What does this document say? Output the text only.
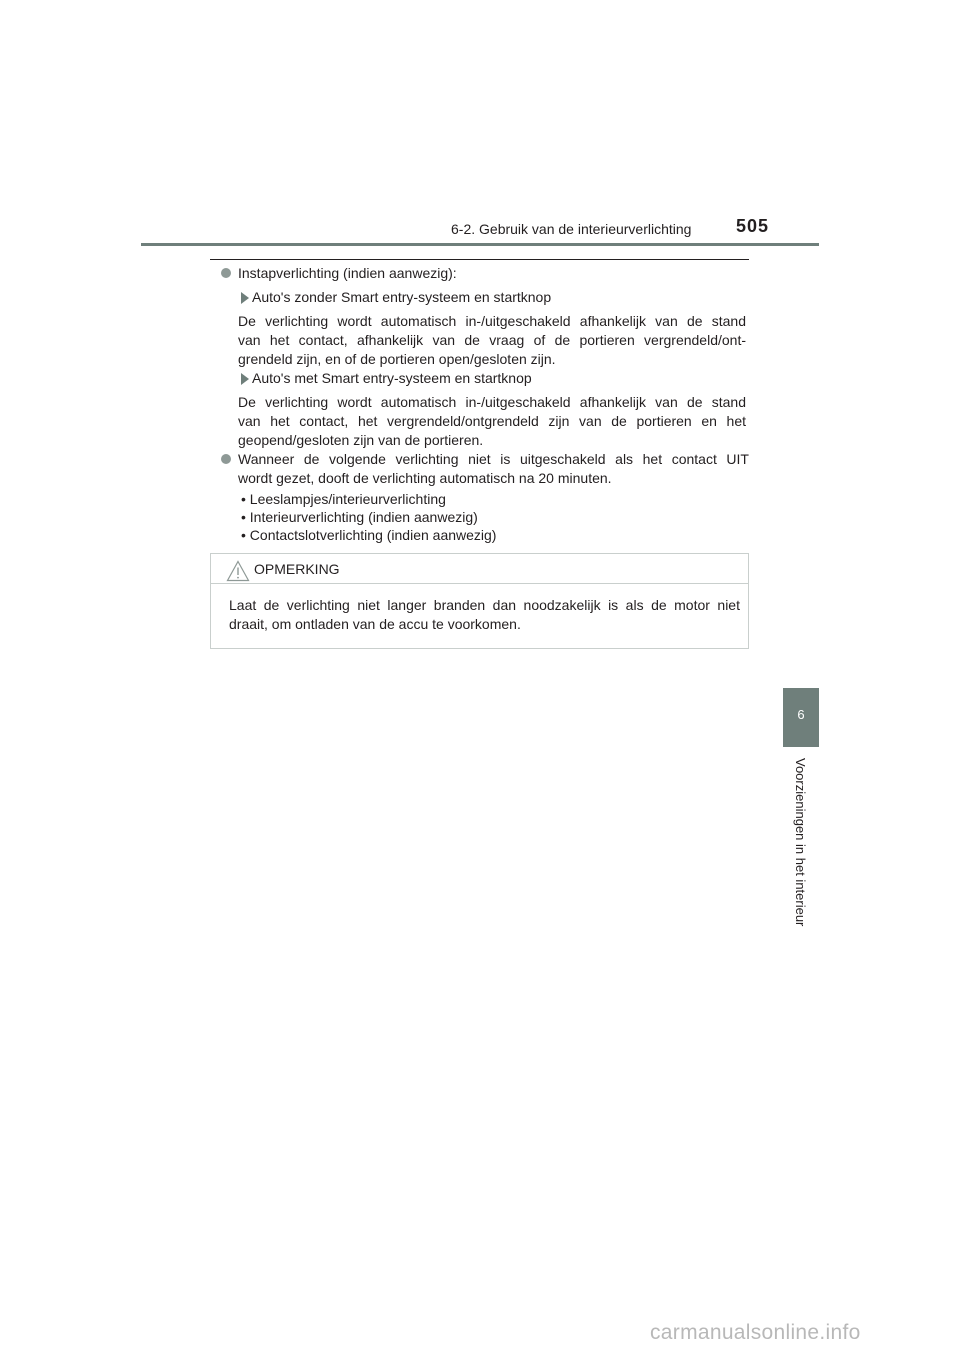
6-2. Gebruik van de interieurverlichting 505
6
Voorzieningen in het interieur
Instapverlichting (indien aanwezig):
Auto's zonder Smart entry-systeem en startknop
De verlichting wordt automatisch in-/uitgeschakeld afhankelijk van de stand
van het contact, afhankelijk van de vraag of de portieren vergrendeld/ont-
grendeld zijn, en of de portieren open/gesloten zijn.
Auto's met Smart entry-systeem en startknop
De verlichting wordt automatisch in-/uitgeschakeld afhankelijk van de stand
van het contact, het vergrendeld/ontgrendeld zijn van de portieren en het
geopend/gesloten zijn van de portieren.
Wanneer de volgende verlichting niet is uitgeschakeld als het contact UIT
wordt gezet, dooft de verlichting automatisch na 20 minuten.
• Leeslampjes/interieurverlichting
• Interieurverlichting (indien aanwezig)
• Contactslotverlichting (indien aanwezig)
OPMERKING
Laat de verlichting niet langer branden dan noodzakelijk is als de motor niet
draait, om ontladen van de accu te voorkomen.
carmanualsonline.info
